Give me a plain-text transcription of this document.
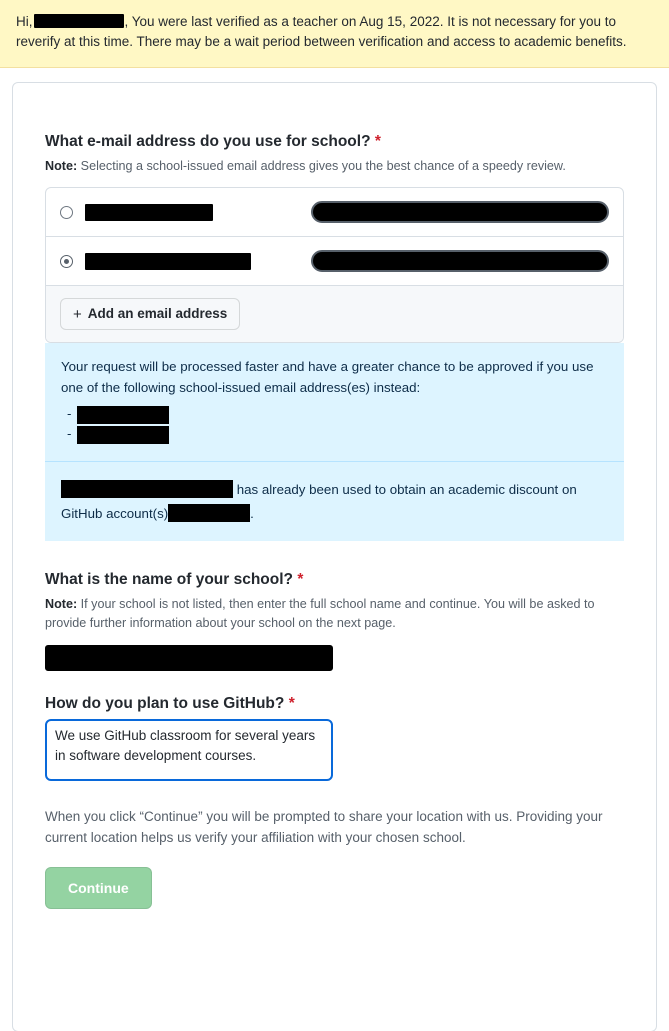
Hi,	, You were last verified as a teacher on Aug 15, 2022. It is not necessary for you to reverify at this time. There may be a wait period between verification and access to academic benefits.
What e-mail address do you use for school? *
Note: Selecting a school-issued email address gives you the best chance of a speedy review.
+ Add an email address
Your request will be processed faster and have a greater chance to be approved if you use one of the following school-issued email address(es) instead:
-
-
has already been used to obtain an academic discount on GitHub account(s)	.
What is the name of your school? *
Note: If your school is not listed, then enter the full school name and continue. You will be asked to provide further information about your school on the next page.
How do you plan to use GitHub? *
We use GitHub classroom for several years in software development courses.
When you click “Continue” you will be prompted to share your location with us. Providing your current location helps us verify your affiliation with your chosen school.
Continue
